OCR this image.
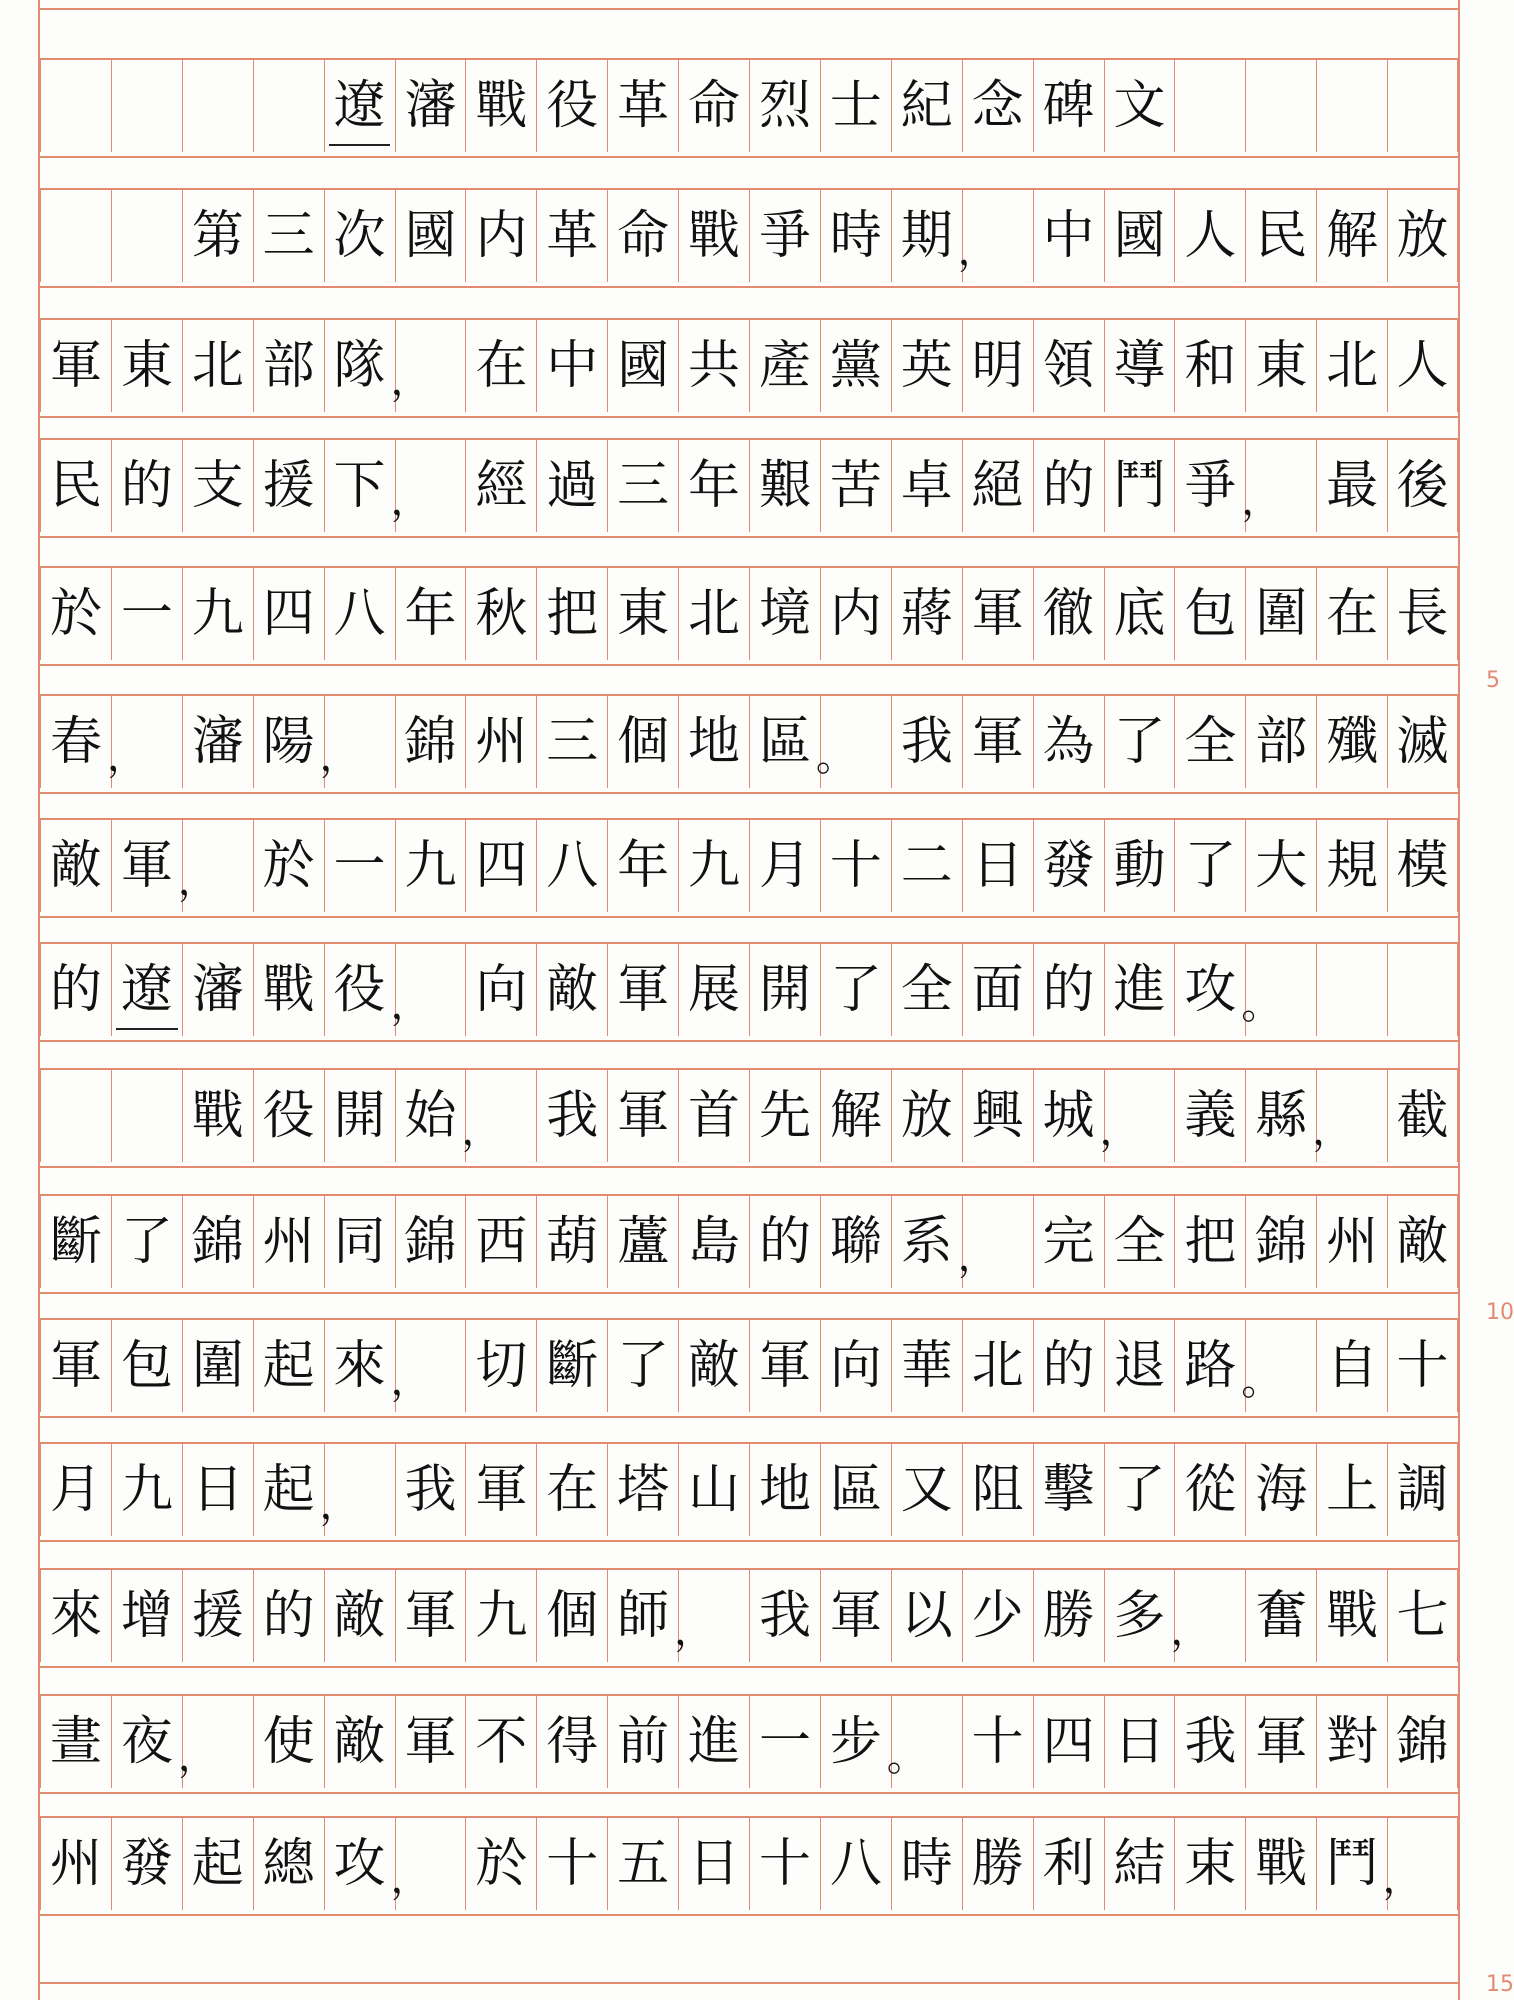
遼 瀋 戰 役 革 命 烈 士 紀 念 碑 文
第 三 次 國 内 革 命 戰 爭 時 期 ， 中 國 人 民 解 放
軍 東 北 部 隊 ， 在 中 國 共 產 黨 英 明 領 導 和 東 北 人
民 的 支 援 下 ， 經 過 三 年 艱 苦 卓 絕 的 鬥 爭 ， 最 後
於 一 九 四 八 年 秋 把 東 北 境 内 蔣 軍 徹 底 包 圍 在 長
春 ， 瀋 陽 ， 錦 州 三 個 地 區 。 我 軍 為 了 全 部 殲 滅
敵 軍 ， 於 一 九 四 八 年 九 月 十 二 日 發 動 了 大 規 模
的 遼 瀋 戰 役 ， 向 敵 軍 展 開 了 全 面 的 進 攻 。
戰 役 開 始 ， 我 軍 首 先 解 放 興 城 ， 義 縣 ， 截
斷 了 錦 州 同 錦 西 葫 蘆 島 的 聯 系 ， 完 全 把 錦 州 敵
軍 包 圍 起 來 ， 切 斷 了 敵 軍 向 華 北 的 退 路 。 自 十
月 九 日 起 ， 我 軍 在 塔 山 地 區 又 阻 擊 了 從 海 上 調
來 增 援 的 敵 軍 九 個 師 ， 我 軍 以 少 勝 多 ， 奮 戰 七
晝 夜 ， 使 敵 軍 不 得 前 進 一 步 。 十 四 日 我 軍 對 錦
州 發 起 總 攻 ， 於 十 五 日 十 八 時 勝 利 結 束 戰 鬥 ，
5
10
15
